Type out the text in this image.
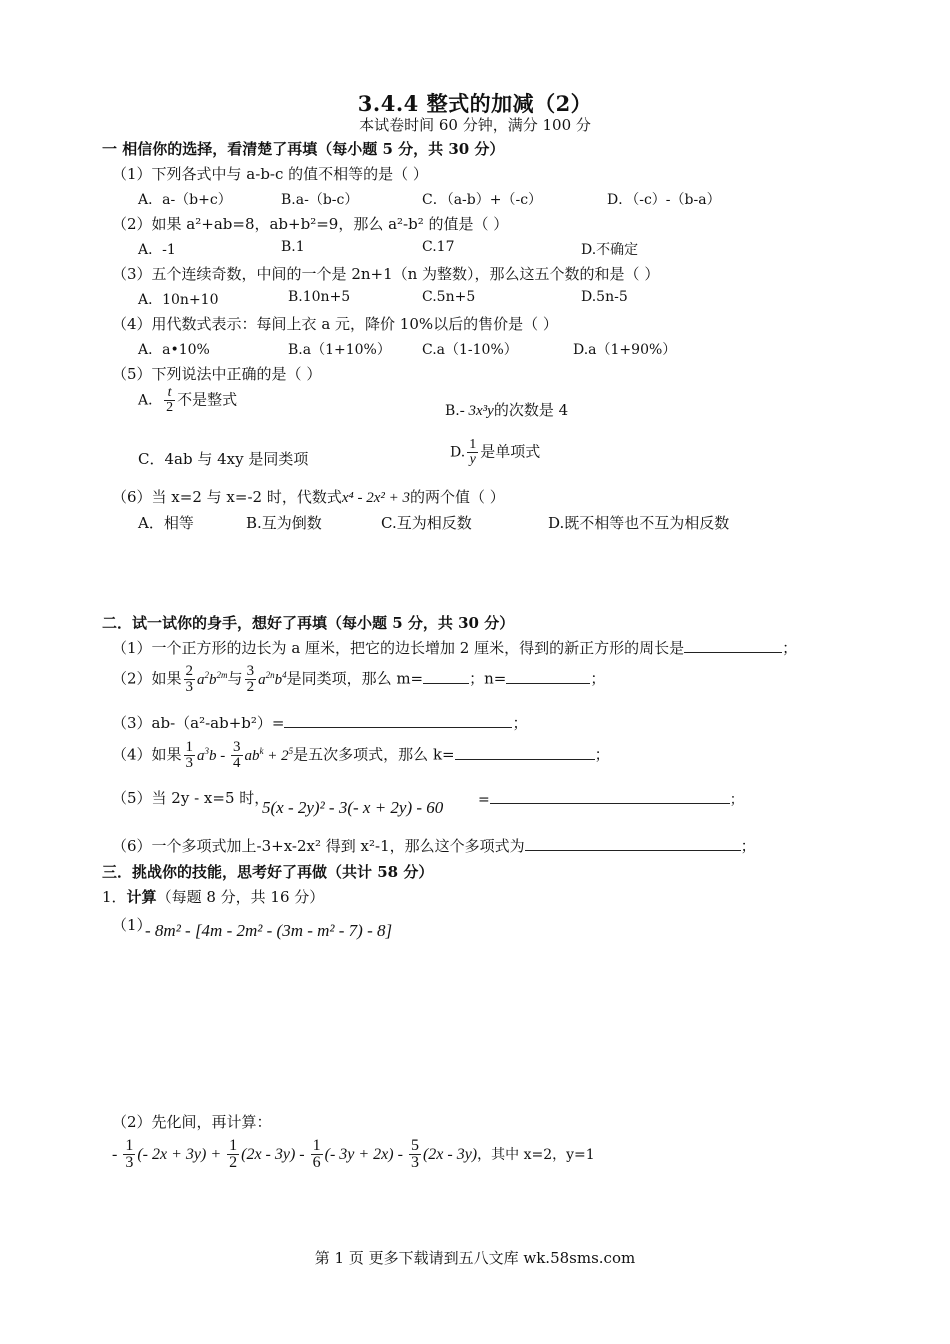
3.4.4 整式的加减（2）
本试卷时间 60 分钟，满分 100 分
一 相信你的选择，看清楚了再填（每小题 5 分，共 30 分）
（1）下列各式中与 a-b-c 的值不相等的是（ ）
A．a-（b+c）	B.a-（b-c）	C．（a-b）+（-c）	D．（-c）-（b-a）
（2）如果 a²+ab=8，ab+b²=9，那么 a²-b² 的值是（ ）
A．-1	B.1	C.17	D.不确定
（3）五个连续奇数，中间的一个是 2n+1（n 为整数），那么这五个数的和是（ ）
A．10n+10	B.10n+5	C.5n+5	D.5n-5
（4）用代数式表示：每间上衣 a 元，降价 10%以后的售价是（ ）
A．a•10%	B.a（1+10%） C.a（1-10%）	D.a（1+90%）
（5）下列说法中正确的是（ ）
A． $\frac{t}{2}$ 不是整式
B.- 3x³y的次数是 4
C．4ab 与 4xy 是同类项	D. $\frac{1}{y}$ 是单项式
（6）当 x=2 与 x=-2 时，代数式x⁴ - 2x² + 3的两个值（ ）
A．相等	B.互为倒数	C.互为相反数	D.既不相等也不互为相反数
二．试一试你的身手，想好了再填（每小题 5 分，共 30 分）
（1）一个正方形的边长为 a 厘米，把它的边长增加 2 厘米，得到的新正方形的周长是	；
（2）如果 $\frac{2}{3} a^2b^{2m}$与 $\frac{3}{2} a^{2n}b^4$是同类项，那么 m=	；n=	；
（3）ab-（a²-ab+b²）=	；
（4）如果 $\frac{1}{3} a^3b - \frac{3}{4} ab^k + 2^5$是五次多项式，那么 k=	；
（5）当 2y - x=5 时，
5(x - 2y)² - 3(- x + 2y) - 60 =	；
（6）一个多项式加上-3+x-2x² 得到 x²-1，那么这个多项式为	；
三．挑战你的技能，思考好了再做（共计 58 分）
1．计算（每题 8 分，共 16 分）
（1）
- 8m² - [4m - 2m² - (3m - m² - 7) - 8]
（2）先化间，再计算：
- $\frac{1}{3}$ (- $2x + 3y) + \frac{1}{2} (2x - 3y) - \frac{1}{6}$ (- $3y + 2x) - \frac{5}{3} (2x - 3y)$，其中 x=2，y=1
第 1 页 更多下载请到五八文库 wk.58sms.com
